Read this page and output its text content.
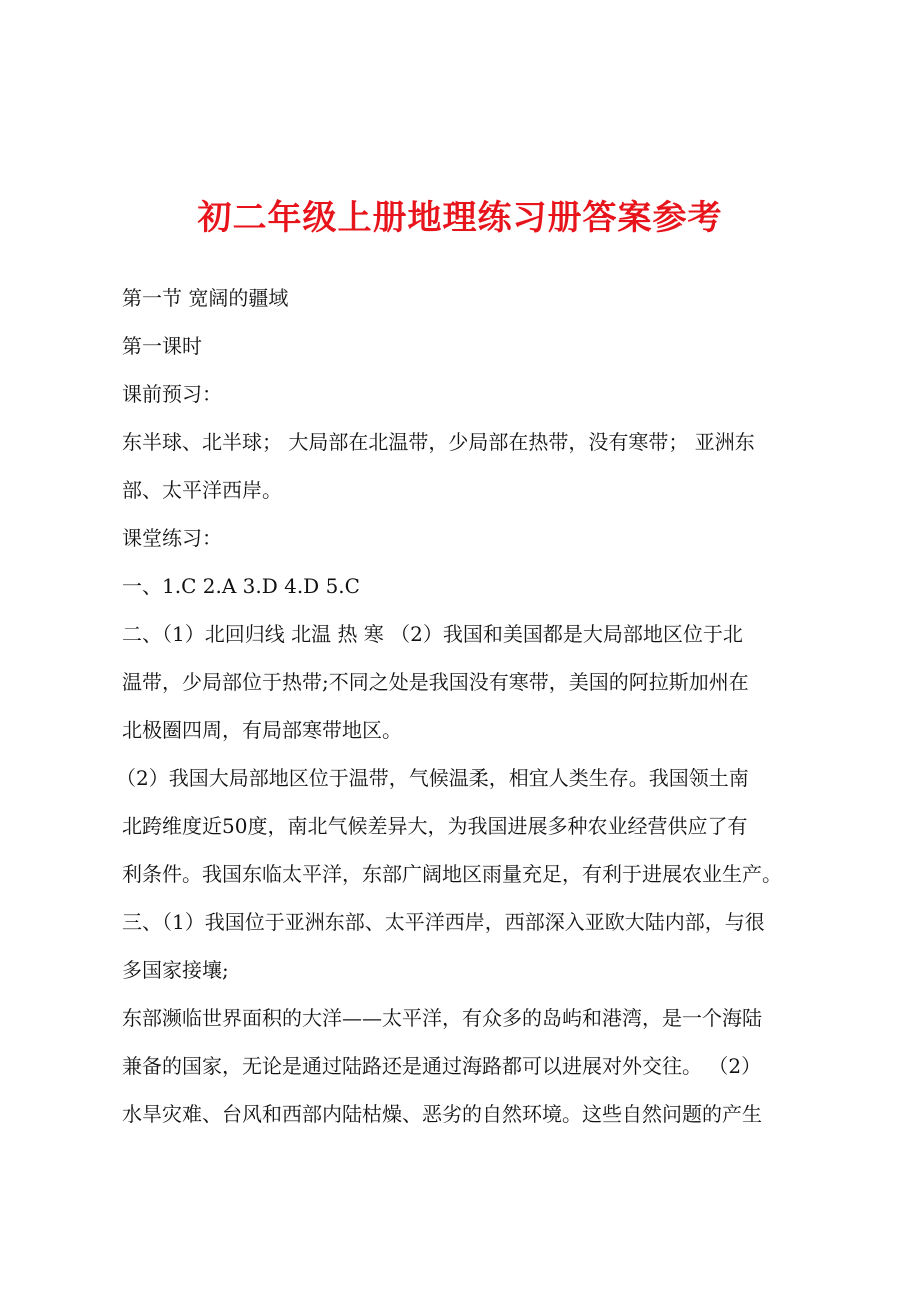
初二年级上册地理练习册答案参考

第一节 宽阔的疆域

第一课时

课前预习：

东半球、北半球； 大局部在北温带，少局部在热带，没有寒带； 亚洲东

部、太平洋西岸。

课堂练习：

一、1.C 2.A 3.D 4.D 5.C

二、（1）北回归线 北温 热 寒 （2）我国和美国都是大局部地区位于北

温带，少局部位于热带;不同之处是我国没有寒带，美国的阿拉斯加州在

北极圈四周，有局部寒带地区。

（2）我国大局部地区位于温带，气候温柔，相宜人类生存。我国领土南

北跨维度近50度，南北气候差异大，为我国进展多种农业经营供应了有

利条件。我国东临太平洋，东部广阔地区雨量充足，有利于进展农业生产。

三、（1）我国位于亚洲东部、太平洋西岸，西部深入亚欧大陆内部，与很

多国家接壤;

东部濒临世界面积的大洋——太平洋，有众多的岛屿和港湾，是一个海陆

兼备的国家，无论是通过陆路还是通过海路都可以进展对外交往。 （2）

水旱灾难、台风和西部内陆枯燥、恶劣的自然环境。这些自然问题的产生
